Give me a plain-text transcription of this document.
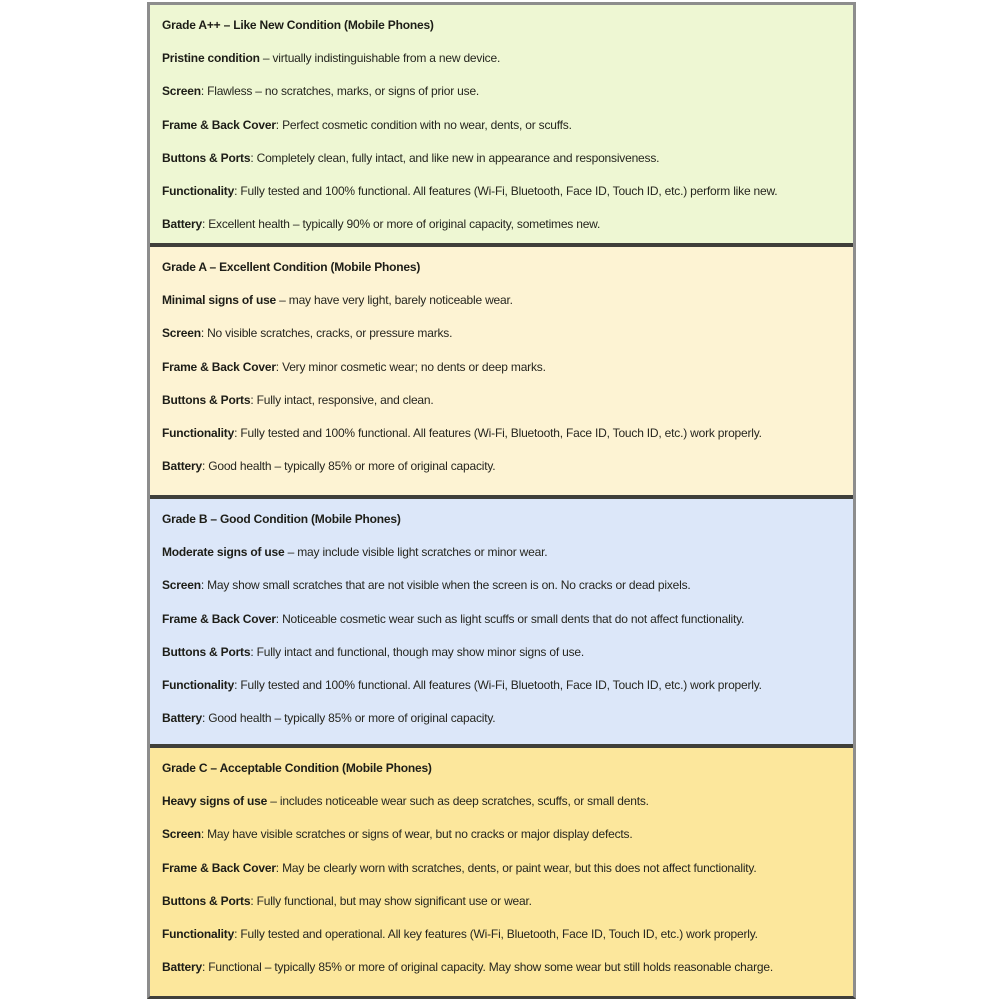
Grade A++ – Like New Condition (Mobile Phones)

Pristine condition – virtually indistinguishable from a new device.

Screen: Flawless – no scratches, marks, or signs of prior use.

Frame & Back Cover: Perfect cosmetic condition with no wear, dents, or scuffs.

Buttons & Ports: Completely clean, fully intact, and like new in appearance and responsiveness.

Functionality: Fully tested and 100% functional. All features (Wi-Fi, Bluetooth, Face ID, Touch ID, etc.) perform like new.

Battery: Excellent health – typically 90% or more of original capacity, sometimes new.

Grade A – Excellent Condition (Mobile Phones)

Minimal signs of use – may have very light, barely noticeable wear.

Screen: No visible scratches, cracks, or pressure marks.

Frame & Back Cover: Very minor cosmetic wear; no dents or deep marks.

Buttons & Ports: Fully intact, responsive, and clean.

Functionality: Fully tested and 100% functional. All features (Wi-Fi, Bluetooth, Face ID, Touch ID, etc.) work properly.

Battery: Good health – typically 85% or more of original capacity.

Grade B – Good Condition (Mobile Phones)

Moderate signs of use – may include visible light scratches or minor wear.

Screen: May show small scratches that are not visible when the screen is on. No cracks or dead pixels.

Frame & Back Cover: Noticeable cosmetic wear such as light scuffs or small dents that do not affect functionality.

Buttons & Ports: Fully intact and functional, though may show minor signs of use.

Functionality: Fully tested and 100% functional. All features (Wi-Fi, Bluetooth, Face ID, Touch ID, etc.) work properly.

Battery: Good health – typically 85% or more of original capacity.

Grade C – Acceptable Condition (Mobile Phones)

Heavy signs of use – includes noticeable wear such as deep scratches, scuffs, or small dents.

Screen: May have visible scratches or signs of wear, but no cracks or major display defects.

Frame & Back Cover: May be clearly worn with scratches, dents, or paint wear, but this does not affect functionality.

Buttons & Ports: Fully functional, but may show significant use or wear.

Functionality: Fully tested and operational. All key features (Wi-Fi, Bluetooth, Face ID, Touch ID, etc.) work properly.

Battery: Functional – typically 85% or more of original capacity. May show some wear but still holds reasonable charge.
